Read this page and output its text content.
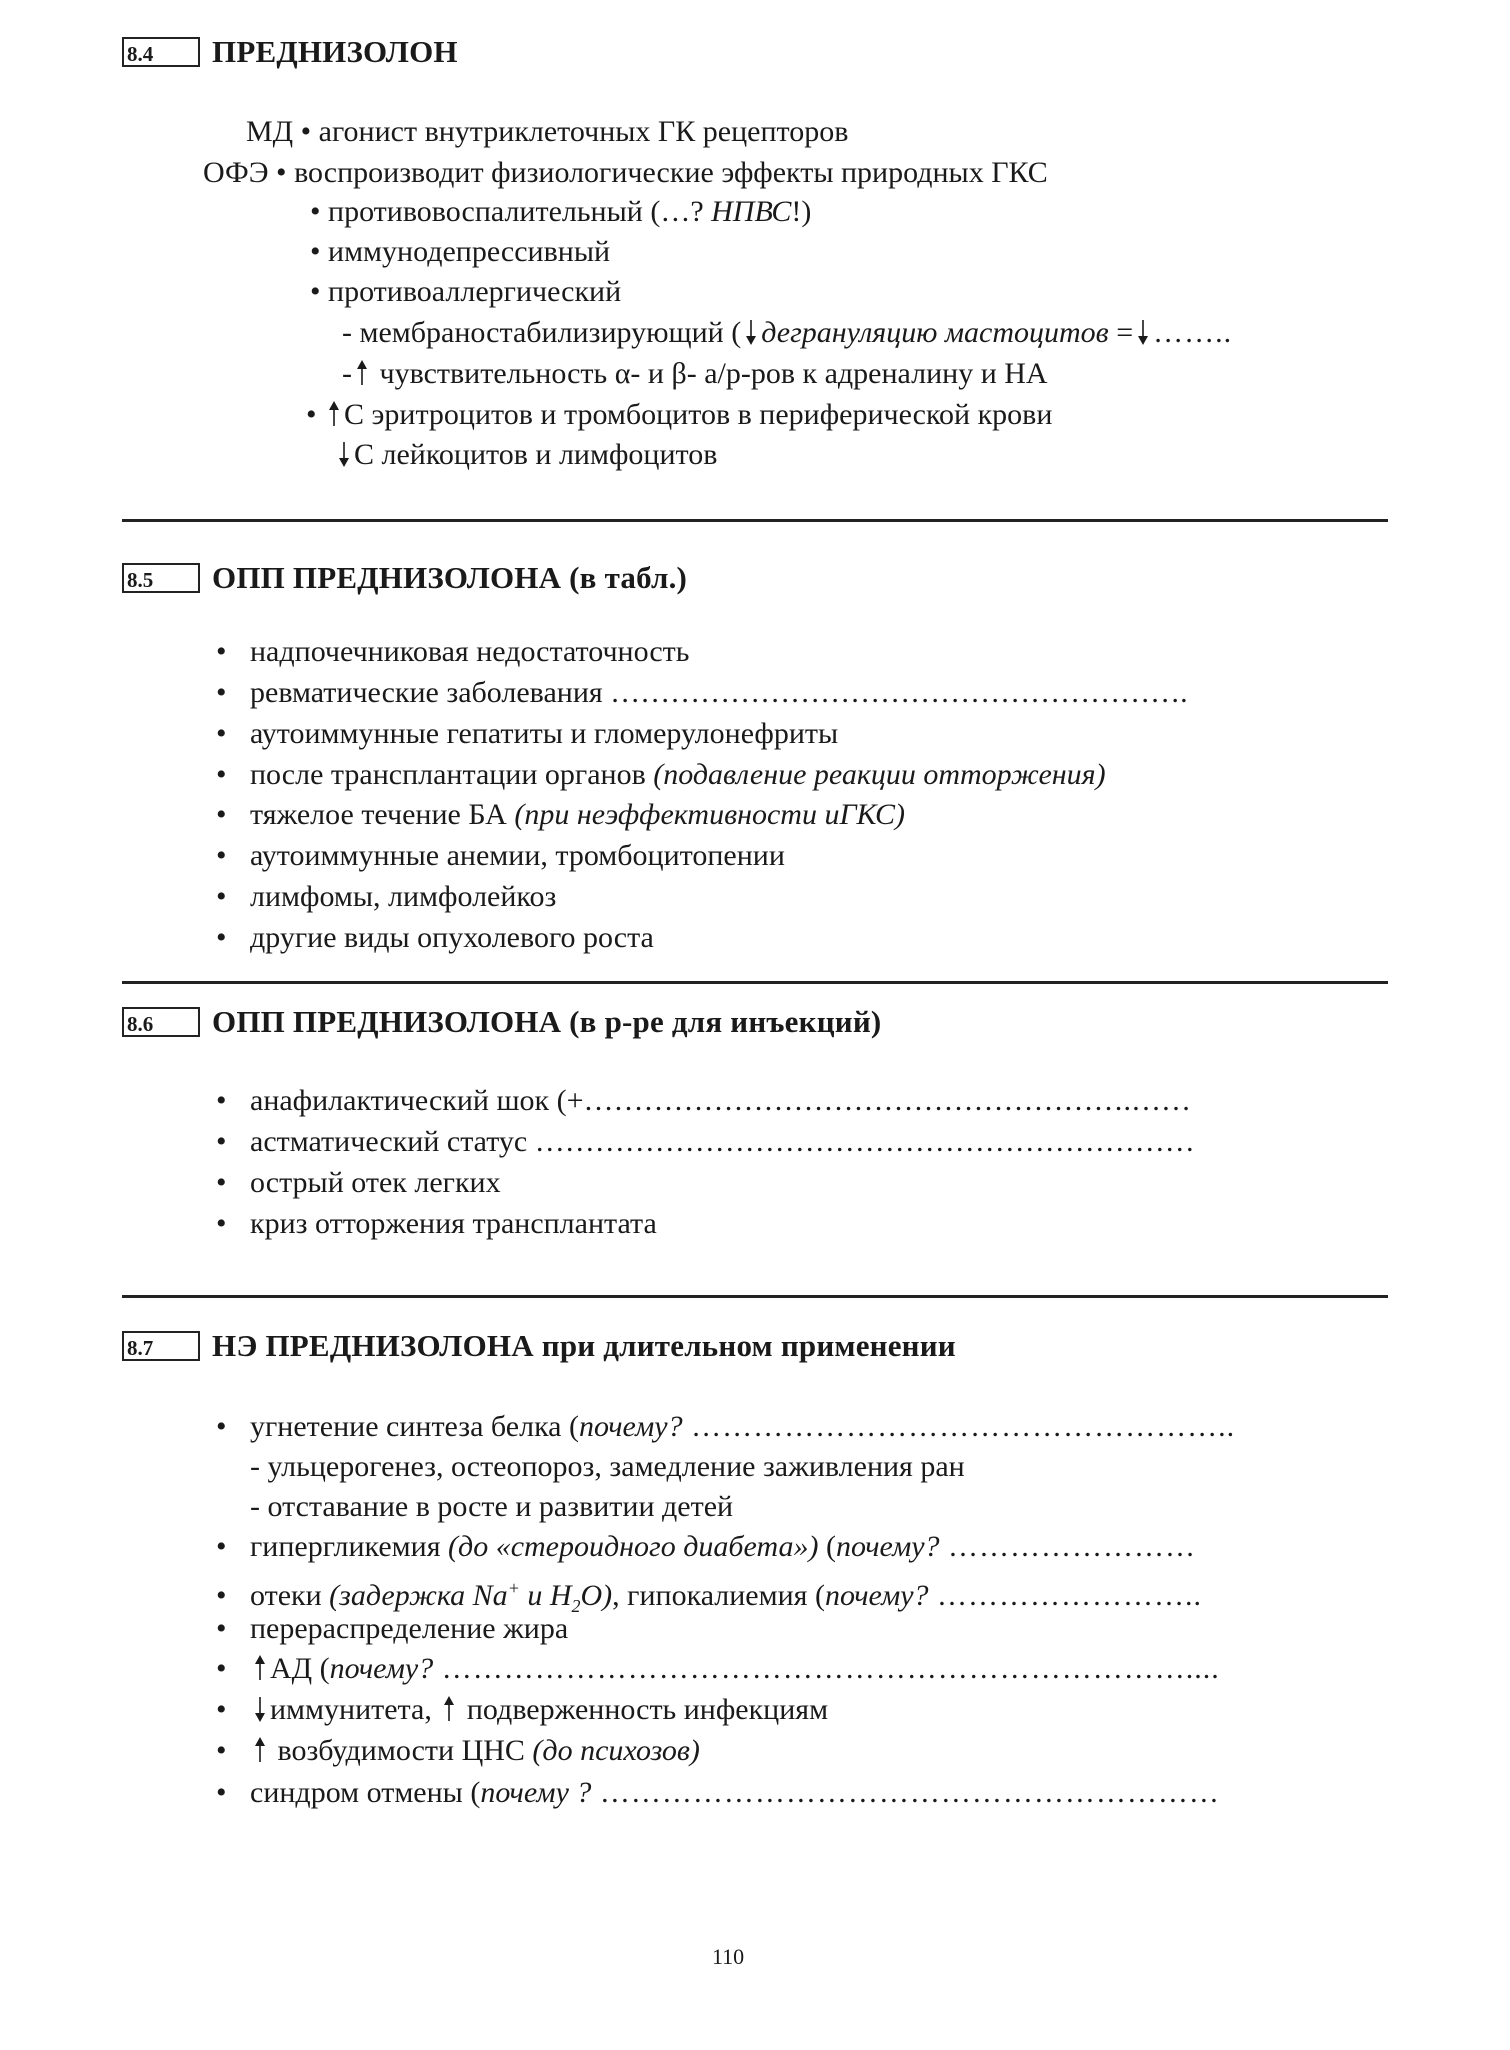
8.4	ПРЕДНИЗОЛОН
МД • агонист внутриклеточных ГК рецепторов
ОФЭ • воспроизводит физиологические эффекты природных ГКС
• противовоспалительный (…? НПВС!)
• иммунодепрессивный
• противоаллергический
- мембраностабилизирующий ( дегрануляцию мастоцитов = ……..
- чувствительность α- и β- а/р-ров к адреналину и НА
• С эритроцитов и тромбоцитов в периферической крови
С лейкоцитов и лимфоцитов
8.5	ОПП ПРЕДНИЗОЛОНА (в табл.)
• надпочечниковая недостаточность
• ревматические заболевания ………………………………………………….
• аутоиммунные гепатиты и гломерулонефриты
• после трансплантации органов (подавление реакции отторжения)
• тяжелое течение БА (при неэффективности иГКС)
• аутоиммунные анемии, тромбоцитопении
• лимфомы, лимфолейкоз
• другие виды опухолевого роста
8.6	ОПП ПРЕДНИЗОЛОНА (в р-ре для инъекций)
• анафилактический шок (+……………………………………………….……
• астматический статус …………………………………………………………
• острый отек легких
• криз отторжения трансплантата
8.7	НЭ ПРЕДНИЗОЛОНА при длительном применении
• угнетение синтеза белка (почему? ……………………………………………..
- ульцерогенез, остеопороз, замедление заживления ран
- отставание в росте и развитии детей
• гипергликемия (до «стероидного диабета») (почему? ……………………
• отеки (задержка Na+ и $H_2O$), гипокалиемия (почему? ……………………..
• перераспределение жира
• АД (почему? ………………………………………………………………....
• иммунитета, подверженность инфекциям
• возбудимости ЦНС (до психозов)
• синдром отмены (почему ? ……………………………………………………
110
